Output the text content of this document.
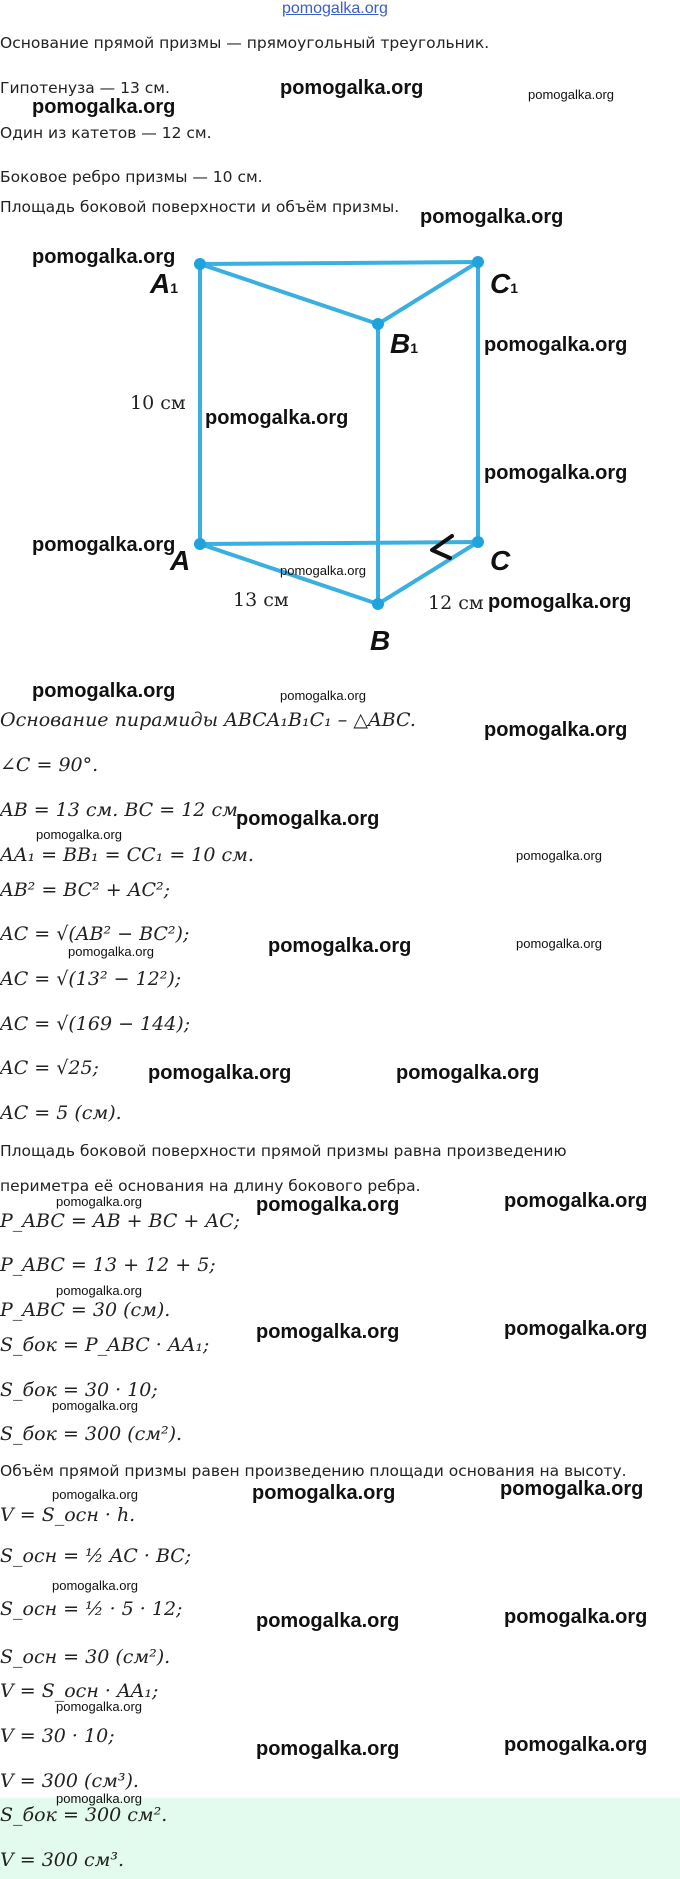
pomogalka.org
Основание прямой призмы — прямоугольный треугольник.
Гипотенуза — 13 см.
Один из катетов — 12 см.
Боковое ребро призмы — 10 см.
Площадь боковой поверхности и объём призмы.
A1	C1
B1
A	C
B
10 см
13 см	12 см
Основание пирамиды ABCA₁B₁C₁ – △ABC.
∠C = 90°.
AB = 13 см. BC = 12 см.
AA₁ = BB₁ = CC₁ = 10 см.
AB² = BC² + AC²;
AC = √(AB² − BC²);
AC = √(13² − 12²);
AC = √(169 − 144);
AC = √25;
AC = 5 (см).
Площадь боковой поверхности прямой призмы равна произведению
периметра её основания на длину бокового ребра.
P_ABC = AB + BC + AC;
P_ABC = 13 + 12 + 5;
P_ABC = 30 (см).
S_бок = P_ABC · AA₁;
S_бок = 30 · 10;
S_бок = 300 (см²).
Объём прямой призмы равен произведению площади основания на высоту.
V = S_осн · h.
S_осн = ½ AC · BC;
S_осн = ½ · 5 · 12;
S_осн = 30 (см²).
V = S_осн · AA₁;
V = 30 · 10;
V = 300 (см³).
S_бок = 300 см².
V = 300 см³.
pomogalka.org
pomogalka.org	pomogalka.org
pomogalka.org
pomogalka.org
pomogalka.org
pomogalka.org
pomogalka.org
pomogalka.org
pomogalka.org
pomogalka.org
pomogalka.org	pomogalka.org
pomogalka.org
pomogalka.org
pomogalka.org
pomogalka.org
pomogalka.org
pomogalka.org
pomogalka.org
pomogalka.org	pomogalka.org
pomogalka.org	pomogalka.org	pomogalka.org
pomogalka.org
pomogalka.org	pomogalka.org
pomogalka.org
pomogalka.org	pomogalka.org	pomogalka.org
pomogalka.org
pomogalka.org	pomogalka.org
pomogalka.org
pomogalka.org	pomogalka.org
pomogalka.org
